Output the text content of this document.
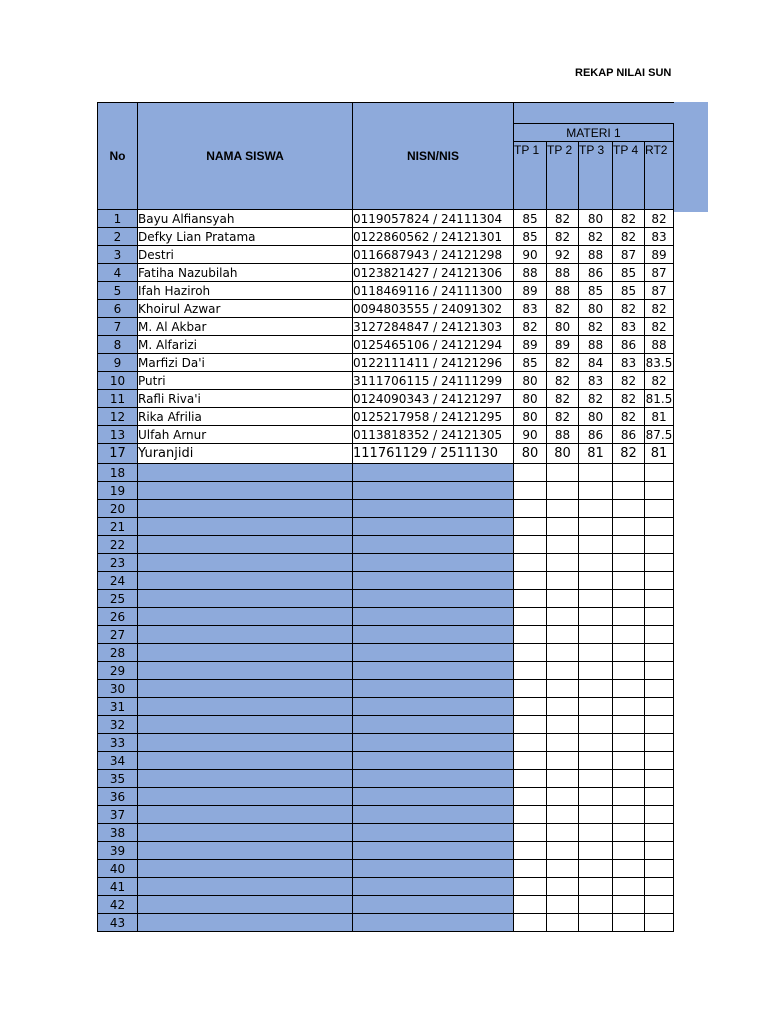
REKAP NILAI SUN
No	NAMA SISWA	NISN/NIS					
			MATERI 1				
			TP 1	TP 2	TP 3	TP 4	RT2
1	Bayu Alfiansyah	0119057824 / 24111304	85	82	80	82	82
2	Defky Lian Pratama	0122860562 / 24121301	85	82	82	82	83
3	Destri	0116687943 / 24121298	90	92	88	87	89
4	Fatiha Nazubilah	0123821427 / 24121306	88	88	86	85	87
5	Ifah Haziroh	0118469116 / 24111300	89	88	85	85	87
6	Khoirul Azwar	0094803555 / 24091302	83	82	80	82	82
7	M. Al Akbar	3127284847 / 24121303	82	80	82	83	82
8	M. Alfarizi	0125465106 / 24121294	89	89	88	86	88
9	Marfizi Da'i	0122111411 / 24121296	85	82	84	83	83.5
10	Putri	3111706115 / 24111299	80	82	83	82	82
11	Rafli Riva'i	0124090343 / 24121297	80	82	82	82	81.5
12	Rika Afrilia	0125217958 / 24121295	80	82	80	82	81
13	Ulfah Arnur	0113818352 / 24121305	90	88	86	86	87.5
17	Yuranjidi	111761129 / 2511130	80	80	81	82	81
18							
19							
20							
21							
22							
23							
24							
25							
26							
27							
28							
29							
30							
31							
32							
33							
34							
35							
36							
37							
38							
39							
40							
41							
42							
43							
